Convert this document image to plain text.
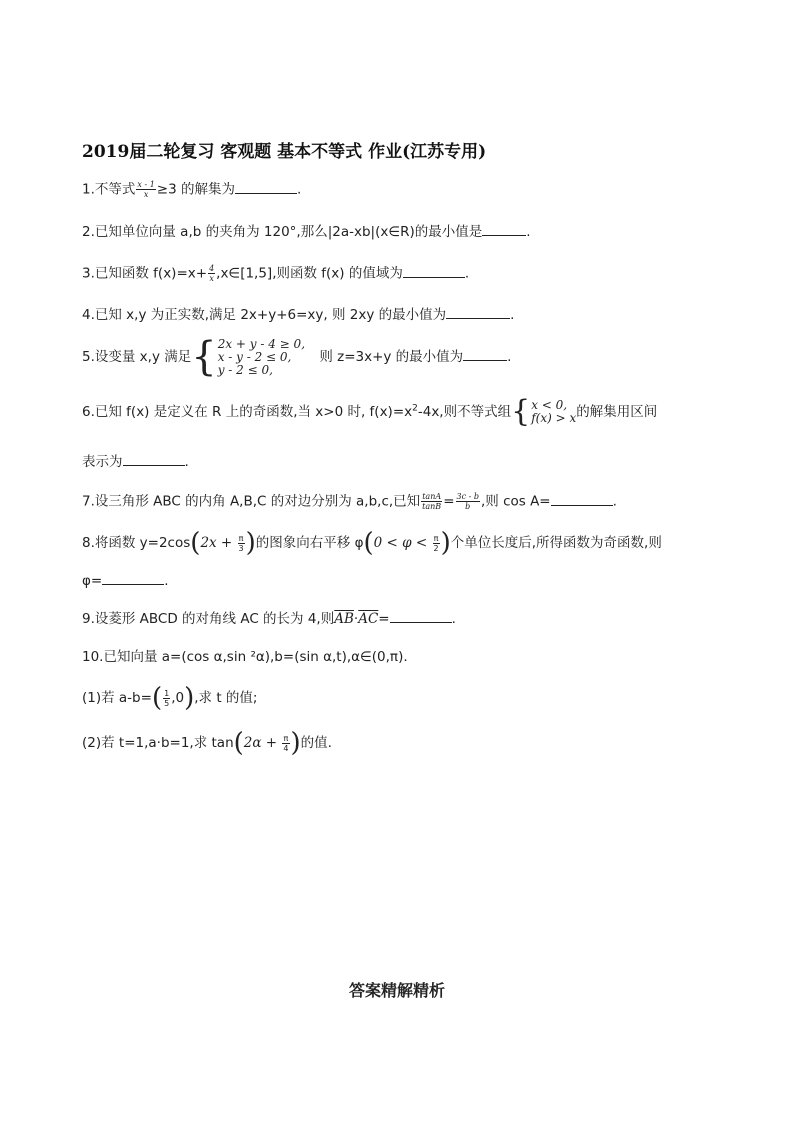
2019届二轮复习 客观题 基本不等式 作业(江苏专用)
1.不等式 $\frac{x - 1}{x} \ge 3$ 的解集为	.
2.已知单位向量 a,b 的夹角为 120°,那么|2a-xb|(x∈R)的最小值是	.
3.已知函数 $f(x)=x+ \frac{4}{x}$ ,x∈[1,5],则函数 f(x) 的值域为	.
4.已知 x,y 为正实数,满足 2x+y+6=xy, 则 2xy 的最小值为	.
5.设变量 x,y 满足{ 2x + y - 4 ≥ 0,
x - y - 2 ≤ 0,
y - 2 ≤ 0,
则 z=3x+y 的最小值为	.
6.已知 f(x) 是定义在 R 上的奇函数,当 x>0 时, $f(x)=x^2-4x$,则不等式组{ x < 0,
f(x) > x 的解集用区间
表示为	.
7.设三角形 ABC 的内角 A,B,C 的对边分别为 a,b,c,已知 $\frac{\tan A}{\tan B} = \frac{3c - b}{b}$ ,则 cos A=	.
8.将函数 $y=2\cos(2x + \frac{\pi}{3}$ )的图象向右平移 $\varphi(0 < \varphi < \frac{\pi}{2}$ )个单位长度后,所得函数为奇函数,则
φ=	.
9.设菱形 ABCD 的对角线 AC 的长为 4,则$\overline{AB}\cdot\overline{AC}=$	.
10.已知向量 a=(cos α,sin ²α),b=(sin α,t),α∈(0,π).
(1)若 $a-b=( \frac{1}{5} ,0)$,求 t 的值;
(2)若 t=1,a·b=1,求 $\tan(2\alpha + \frac{\pi}{4}$ )的值.
答案精解精析
